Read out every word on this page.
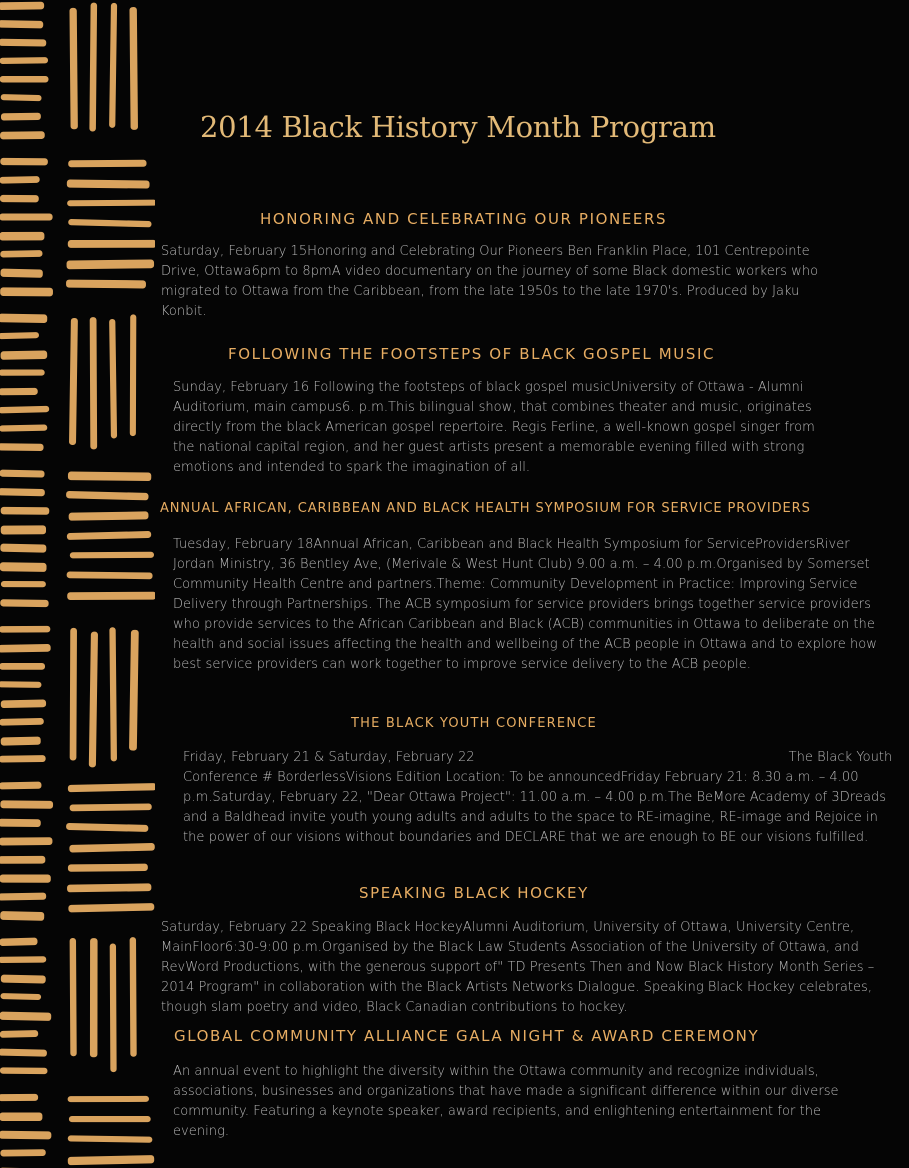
2014 Black History Month Program
HONORING AND CELEBRATING OUR PIONEERS

Saturday, February 15Honoring and Celebrating Our Pioneers Ben Franklin Place, 101 Centrepointe Drive, Ottawa6pm to 8pmA video documentary on the journey of some Black domestic workers who migrated to Ottawa from the Caribbean, from the late 1950s to the late 1970's. Produced by Jaku Konbit.

FOLLOWING THE FOOTSTEPS OF BLACK GOSPEL MUSIC

Sunday, February 16 Following the footsteps of black gospel musicUniversity of Ottawa - Alumni Auditorium, main campus6. p.m.This bilingual show, that combines theater and music, originates directly from the black American gospel repertoire. Regis Ferline, a well-known gospel singer from the national capital region, and her guest artists present a memorable evening filled with strong emotions and intended to spark the imagination of all.

ANNUAL AFRICAN, CARIBBEAN AND BLACK HEALTH SYMPOSIUM FOR SERVICE PROVIDERS

Tuesday, February 18Annual African, Caribbean and Black Health Symposium for ServiceProvidersRiver Jordan Ministry, 36 Bentley Ave, (Merivale & West Hunt Club) 9.00 a.m. – 4.00 p.m.Organised by Somerset Community Health Centre and partners.Theme: Community Development in Practice: Improving Service Delivery through Partnerships. The ACB symposium for service providers brings together service providers who provide services to the African Caribbean and Black (ACB) communities in Ottawa to deliberate on the health and social issues affecting the health and wellbeing of the ACB people in Ottawa and to explore how best service providers can work together to improve service delivery to the ACB people.

THE BLACK YOUTH CONFERENCE

Friday, February 21 & Saturday, February 22	The Black Youth Conference # BorderlessVisions Edition Location: To be announcedFriday February 21: 8.30 a.m. – 4.00 p.m.Saturday, February 22, "Dear Ottawa Project": 11.00 a.m. – 4.00 p.m.The BeMore Academy of 3Dreads and a Baldhead invite youth young adults and adults to the space to RE-imagine, RE-image and Rejoice in the power of our visions without boundaries and DECLARE that we are enough to BE our visions fulfilled.

SPEAKING BLACK HOCKEY

Saturday, February 22 Speaking Black HockeyAlumni Auditorium, University of Ottawa, University Centre, MainFloor6:30-9:00 p.m.Organised by the Black Law Students Association of the University of Ottawa, and RevWord Productions, with the generous support of" TD Presents Then and Now Black History Month Series – 2014 Program" in collaboration with the Black Artists Networks Dialogue. Speaking Black Hockey celebrates, though slam poetry and video, Black Canadian contributions to hockey.

GLOBAL COMMUNITY ALLIANCE GALA NIGHT & AWARD CEREMONY

An annual event to highlight the diversity within the Ottawa community and recognize individuals, associations, businesses and organizations that have made a significant difference within our diverse community. Featuring a keynote speaker, award recipients, and enlightening entertainment for the evening.
